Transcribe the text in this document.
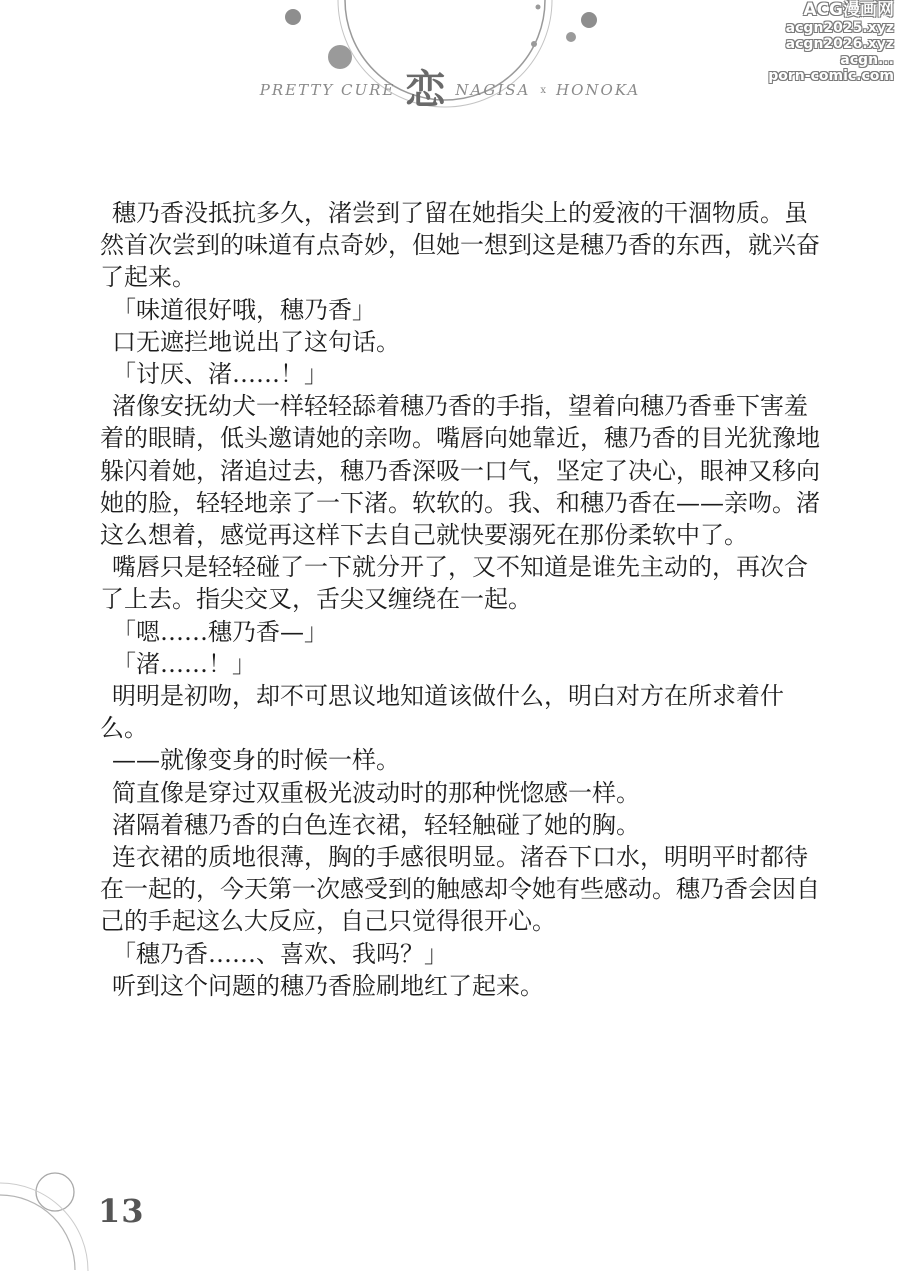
PRETTY CURE 恋 NAGISA x HONOKA
ACG漫画网
acgn2025.xyz
acgn2026.xyz
acgn...
porn-comic.com

穗乃香没抵抗多久，渚尝到了留在她指尖上的爱液的干涸物质。虽然首次尝到的味道有点奇妙，但她一想到这是穗乃香的东西，就兴奋了起来。

「味道很好哦，穗乃香」

口无遮拦地说出了这句话。

「讨厌、渚……！」

渚像安抚幼犬一样轻轻舔着穗乃香的手指，望着向穗乃香垂下害羞着的眼睛，低头邀请她的亲吻。嘴唇向她靠近，穗乃香的目光犹豫地躲闪着她，渚追过去，穗乃香深吸一口气，坚定了决心，眼神又移向她的脸，轻轻地亲了一下渚。软软的。我、和穗乃香在——亲吻。渚这么想着，感觉再这样下去自己就快要溺死在那份柔软中了。

嘴唇只是轻轻碰了一下就分开了，又不知道是谁先主动的，再次合了上去。指尖交叉，舌尖又缠绕在一起。

「嗯……穗乃香—」

「渚……！」

明明是初吻，却不可思议地知道该做什么，明白对方在所求着什么。

——就像变身的时候一样。

简直像是穿过双重极光波动时的那种恍惚感一样。

渚隔着穗乃香的白色连衣裙，轻轻触碰了她的胸。

连衣裙的质地很薄，胸的手感很明显。渚吞下口水，明明平时都待在一起的，今天第一次感受到的触感却令她有些感动。穗乃香会因自己的手起这么大反应，自己只觉得很开心。

「穗乃香……、喜欢、我吗？」

听到这个问题的穗乃香脸刷地红了起来。

13
